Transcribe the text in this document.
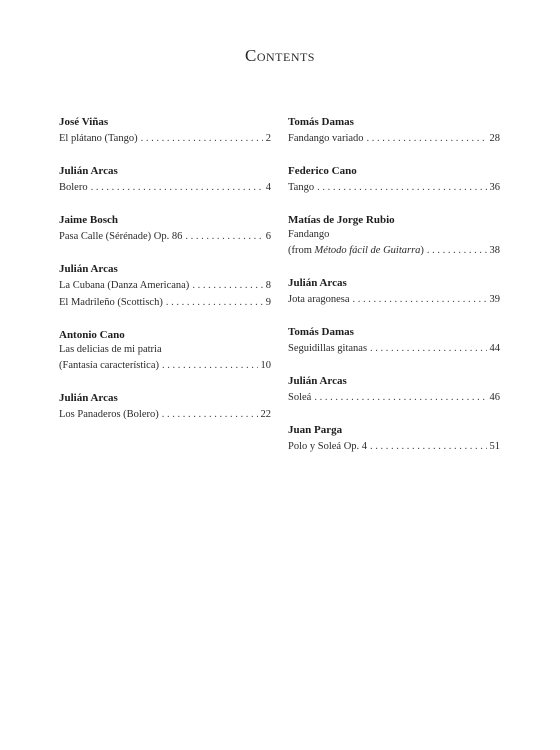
Contents
José Viñas
El plátano (Tango) . . .	2
Julián Arcas
Bolero . . .	4
Jaime Bosch
Pasa Calle (Sérénade) Op. 86 . . .	6
Julián Arcas
La Cubana (Danza Americana) . . .	8
El Madrileño (Scottisch) . . .	9
Antonio Cano
Las delicias de mi patria
(Fantasía característica) . . .	10
Julián Arcas
Los Panaderos (Bolero) . . .	22
Tomás Damas
Fandango variado . . .	28
Federico Cano
Tango . . .	36
Matías de Jorge Rubio
Fandango
(from Método fácil de Guitarra) . . .	38
Julián Arcas
Jota aragonesa . . .	39
Tomás Damas
Seguidillas gitanas . . .	44
Julián Arcas
Soleá . . .	46
Juan Parga
Polo y Soleá Op. 4 . . .	51
